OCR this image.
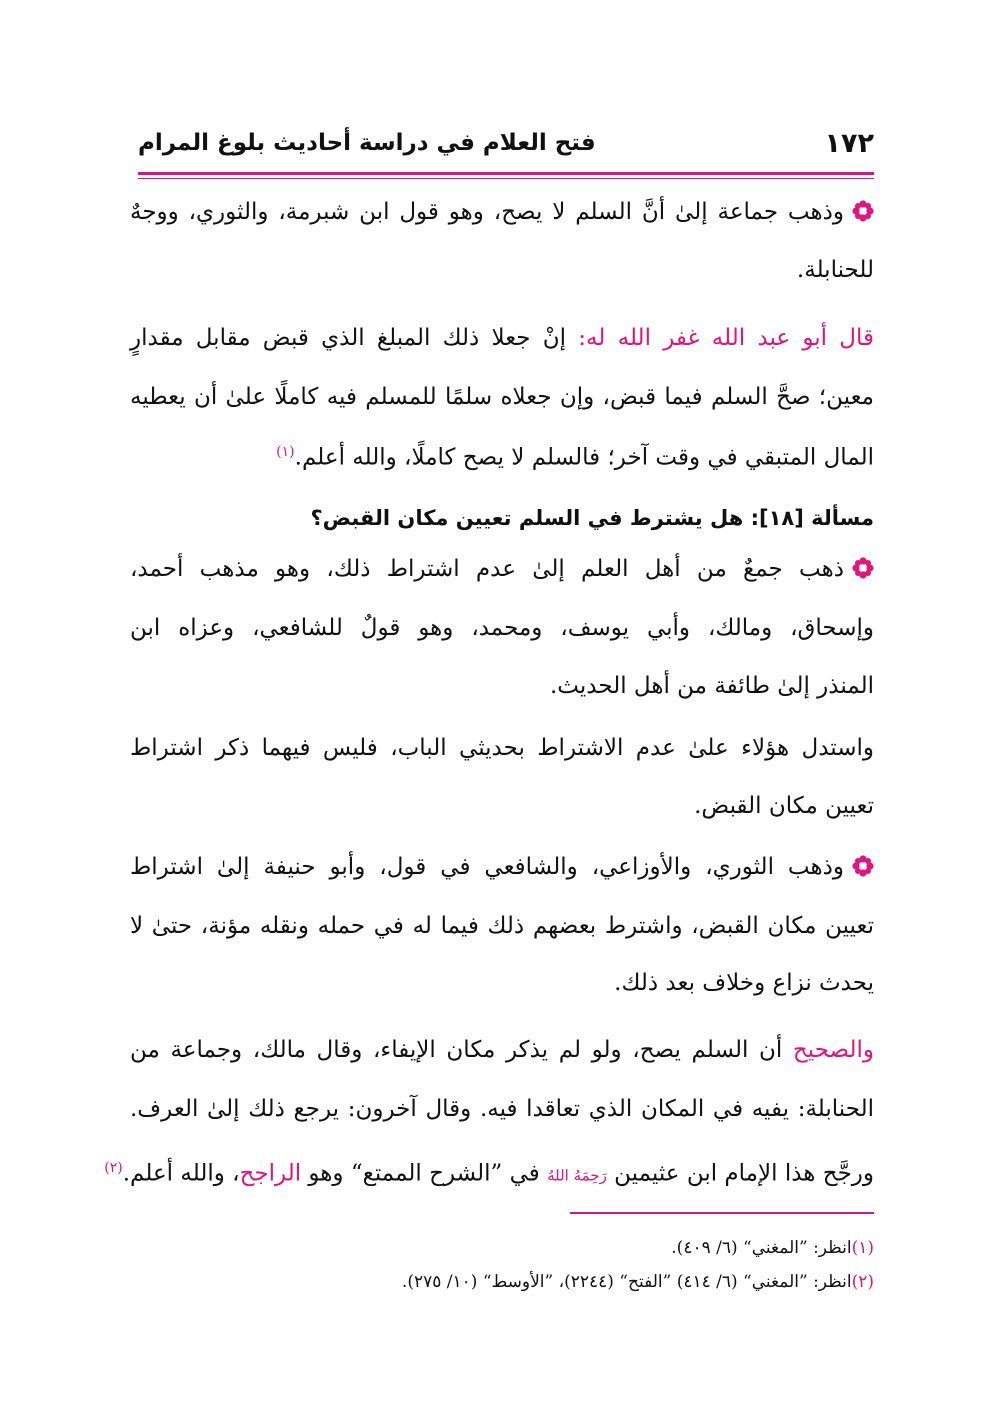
١٧٢
فتح العلام في دراسة أحاديث بلوغ المرام
وذهب جماعة إلىٰ أنَّ السلم لا يصح، وهو قول ابن شبرمة، والثوري، ووجهٌ
للحنابلة.
قال أبو عبد الله غفر الله له: إنْ جعلا ذلك المبلغ الذي قبض مقابل مقدارٍ
معين؛ صحَّ السلم فيما قبض، وإن جعلاه سلمًا للمسلم فيه كاملًا علىٰ أن يعطيه
المال المتبقي في وقت آخر؛ فالسلم لا يصح كاملًا، والله أعلم.$^{(١)}$
مسألة [١٨]: هل يشترط في السلم تعيين مكان القبض؟
ذهب جمعٌ من أهل العلم إلىٰ عدم اشتراط ذلك، وهو مذهب أحمد،
وإسحاق، ومالك، وأبي يوسف، ومحمد، وهو قولٌ للشافعي، وعزاه ابن
المنذر إلىٰ طائفة من أهل الحديث.
واستدل هؤلاء علىٰ عدم الاشتراط بحديثي الباب، فليس فيهما ذكر اشتراط
تعيين مكان القبض.
وذهب الثوري، والأوزاعي، والشافعي في قول، وأبو حنيفة إلىٰ اشتراط
تعيين مكان القبض، واشترط بعضهم ذلك فيما له في حمله ونقله مؤنة، حتىٰ لا
يحدث نزاع وخلاف بعد ذلك.
والصحيح أن السلم يصح، ولو لم يذكر مكان الإيفاء، وقال مالك، وجماعة من
الحنابلة: يفيه في المكان الذي تعاقدا فيه. وقال آخرون: يرجع ذلك إلىٰ العرف.
ورجَّح هذا الإمام ابن عثيمين رَحِمَهُ اللهُ في ”الشرح الممتع“ وهو الراجح، والله أعلم.$^{(٢)}$
(١)انظر: ”المغني“ (٦/ ٤٠٩).
(٢)انظر: ”المغني“ (٦/ ٤١٤) ”الفتح“ (٢٢٤٤)، ”الأوسط“ (١٠/ ٢٧٥).
